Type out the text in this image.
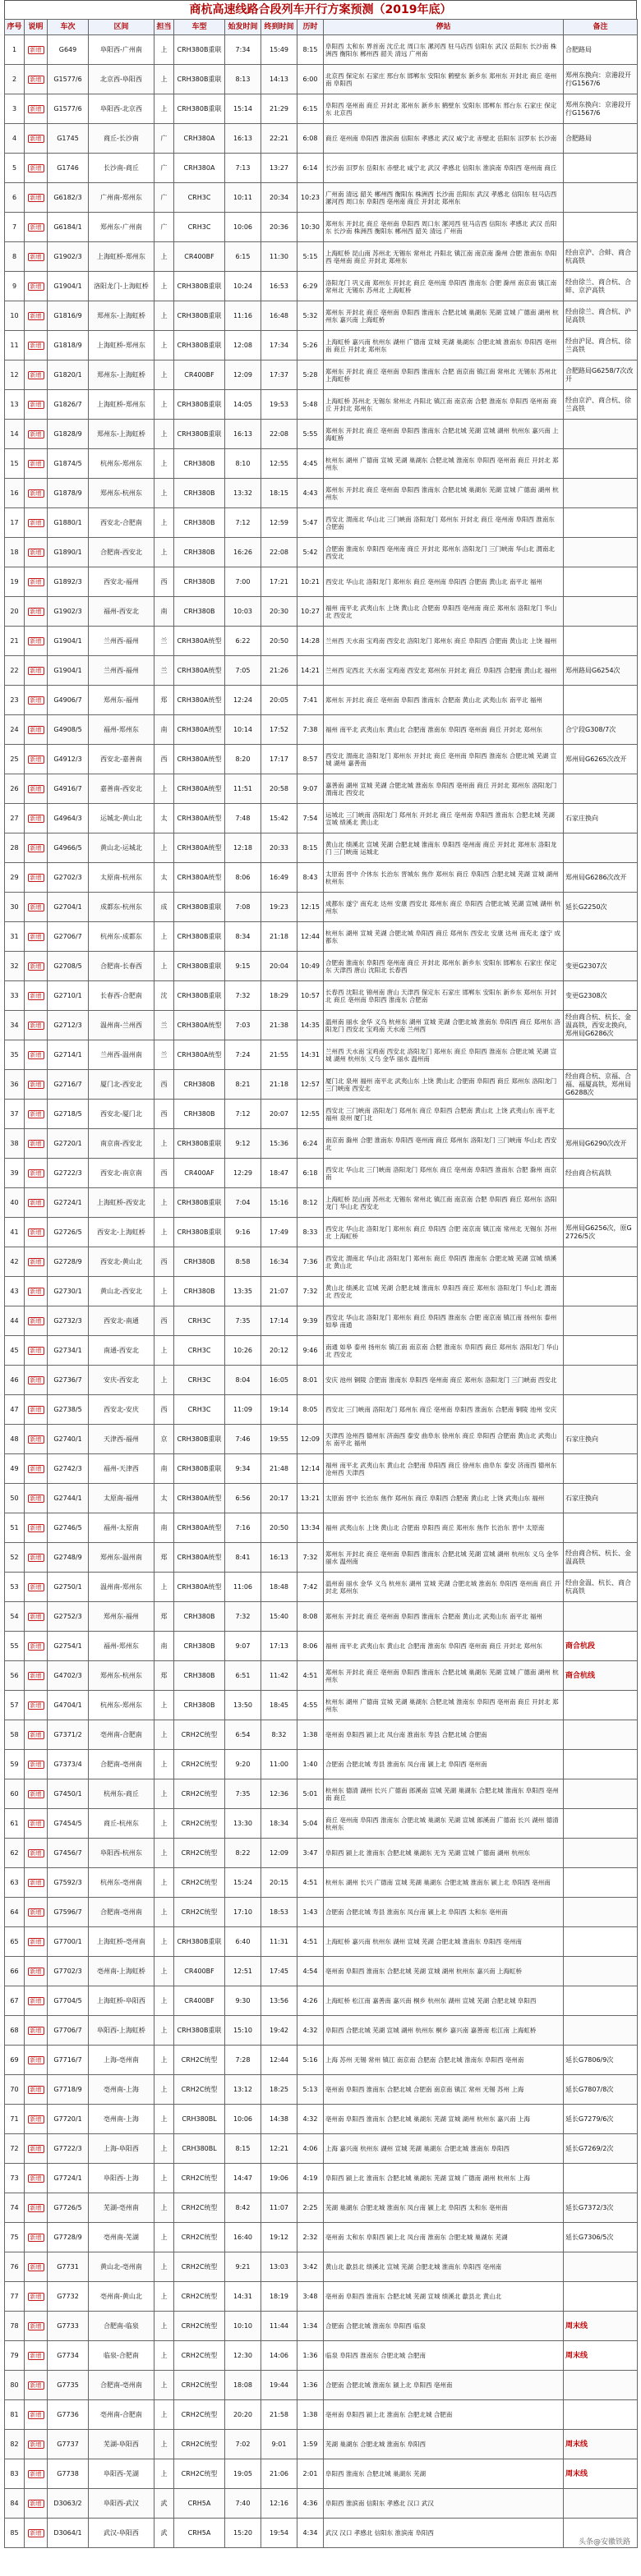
商杭高速线路合段列车开行方案预测（2019年底）
序号	说明	车次	区间	担当	车型	始发时间	终到时间	历时	停站	备注
1	新增	G649	阜阳西-广州南	上	CRH380B重联	7:34	15:49	8:15	阜阳西 太和东 界首南 沈丘北 周口东 漯河西 驻马店西 信阳东 武汉 岳阳东 长沙南 株洲西 衡阳东 郴州西 韶关 清远 广州南	合肥路局
2	新增	G1577/6	北京西-阜阳西	上	CRH380B重联	8:13	14:13	6:00	北京西 保定东 石家庄 邢台东 邯郸东 安阳东 鹤壁东 新乡东 郑州东 开封北 商丘 亳州南 阜阳西	郑州东换向：京港段开行G1567/6
3	新增	G1577/6	阜阳西-北京西	上	CRH380B重联	15:14	21:29	6:15	阜阳西 亳州南 商丘 开封北 郑州东 新乡东 鹤壁东 安阳东 邯郸东 邢台东 石家庄 保定东 北京西	郑州东换向：京港段开行G1567/6
4	新增	G1745	商丘-长沙南	广	CRH380A	16:13	22:21	6:08	商丘 亳州南 阜阳西 淮滨南 信阳东 孝感北 武汉 咸宁北 赤壁北 岳阳东 汨罗东 长沙南	合肥路局
5	新增	G1746	长沙南-商丘	广	CRH380A	7:13	13:27	6:14	长沙南 汨罗东 岳阳东 赤壁北 咸宁北 武汉 孝感北 信阳东 淮滨南 阜阳西 亳州南 商丘	
6	新增	G6182/3	广州南-郑州东	广	CRH3C	10:11	20:34	10:23	广州南 清远 韶关 郴州西 衡阳东 株洲西 长沙南 岳阳东 武汉 孝感北 信阳东 驻马店西 漯河西 周口东 阜阳西 亳州南 商丘 开封北 郑州东	
7	新增	G6184/1	郑州东-广州南	广	CRH3C	10:06	20:36	10:30	郑州东 开封北 商丘 亳州南 阜阳西 周口东 漯河西 驻马店西 信阳东 孝感北 武汉 岳阳东 长沙南 株洲西 衡阳东 郴州西 韶关 清远 广州南	
8	新增	G1902/3	上海虹桥-郑州东	上	CR400BF	6:15	11:30	5:15	上海虹桥 昆山南 苏州北 无锡东 常州北 丹阳北 镇江南 南京南 滁州 合肥 淮南东 阜阳西 亳州南 商丘 开封北 郑州东	经由京沪、合蚌、商合杭高铁
9	新增	G1904/1	洛阳龙门-上海虹桥	上	CRH380B重联	10:24	16:53	6:29	洛阳龙门 巩义南 郑州东 开封北 商丘 亳州南 阜阳西 淮南东 合肥 滁州 南京南 镇江南 常州北 无锡东 苏州北 上海虹桥	经由徐兰、商合杭、合蚌、京沪高铁
10	新增	G1816/9	郑州东-上海虹桥	上	CRH380B重联	11:16	16:48	5:32	郑州东 开封北 商丘 亳州南 阜阳西 淮南东 合肥北城 巢湖东 芜湖 宣城 广德南 湖州 杭州东 嘉兴南 上海虹桥	经由徐兰、商合杭、沪昆高铁
11	新增	G1818/9	上海虹桥-郑州东	上	CRH380B重联	12:08	17:34	5:26	上海虹桥 嘉兴南 杭州东 湖州 广德南 宣城 芜湖 巢湖东 合肥北城 淮南东 阜阳西 亳州南 商丘 开封北 郑州东	经由沪昆、商合杭、徐兰高铁
12	新增	G1820/1	郑州东-上海虹桥	上	CR400BF	12:09	17:37	5:28	郑州东 开封北 商丘 亳州南 阜阳西 淮南东 合肥 南京南 镇江南 常州北 无锡东 苏州北 上海虹桥	合肥路局G6258/7次改开
13	新增	G1826/7	上海虹桥-郑州东	上	CRH380B重联	14:05	19:53	5:48	上海虹桥 苏州北 无锡东 常州北 丹阳北 镇江南 南京南 合肥 淮南东 阜阳西 亳州南 商丘 开封北 郑州东	经由京沪、商合杭、徐兰高铁
14	新增	G1828/9	郑州东-上海虹桥	上	CRH380B重联	16:13	22:08	5:55	郑州东 开封北 商丘 亳州南 阜阳西 淮南东 合肥北城 芜湖 宣城 湖州 杭州东 嘉兴南 上海虹桥	
15	新增	G1874/5	杭州东-郑州东	上	CRH380B	8:10	12:55	4:45	杭州东 湖州 广德南 宣城 芜湖 巢湖东 合肥北城 淮南东 阜阳西 亳州南 商丘 开封北 郑州东	
16	新增	G1878/9	郑州东-杭州东	上	CRH380B	13:32	18:15	4:43	郑州东 开封北 商丘 亳州南 阜阳西 淮南东 合肥北城 巢湖东 芜湖 宣城 广德南 湖州 杭州东	
17	新增	G1880/1	西安北-合肥南	上	CRH380B	7:12	12:59	5:47	西安北 渭南北 华山北 三门峡南 洛阳龙门 郑州东 开封北 商丘 亳州南 阜阳西 淮南东 合肥南	
18	新增	G1890/1	合肥南-西安北	上	CRH380B	16:26	22:08	5:42	合肥南 淮南东 阜阳西 亳州南 商丘 开封北 郑州东 洛阳龙门 三门峡南 华山北 渭南北 西安北	
19	新增	G1892/3	西安北-福州	西	CRH380B	7:00	17:21	10:21	西安北 华山北 洛阳龙门 郑州东 商丘 亳州南 阜阳西 合肥南 黄山北 南平北 福州	
20	新增	G1902/3	福州-西安北	南	CRH380B	10:03	20:30	10:27	福州 南平北 武夷山东 上饶 黄山北 合肥南 阜阳西 亳州南 商丘 郑州东 洛阳龙门 华山北 西安北	
21	新增	G1904/1	兰州西-福州	兰	CRH380A统型	6:22	20:50	14:28	兰州西 天水南 宝鸡南 西安北 洛阳龙门 郑州东 商丘 阜阳西 合肥南 黄山北 上饶 福州	
22	新增	G1904/1	兰州西-福州	兰	CRH380A统型	7:05	21:26	14:21	兰州西 定西北 天水南 宝鸡南 西安北 郑州东 开封北 商丘 阜阳西 合肥南 黄山北 福州	郑州路局G6254次
23	新增	G4906/7	郑州东-福州	郑	CRH380A统型	12:24	20:05	7:41	郑州东 开封北 商丘 亳州南 阜阳西 淮南东 合肥南 黄山北 武夷山东 南平北 福州	
24	新增	G4908/5	福州-郑州东	南	CRH380A统型	10:14	17:52	7:38	福州 南平北 武夷山东 黄山北 合肥南 淮南东 阜阳西 亳州南 商丘 开封北 郑州东	合宁段G308/7次
25	新增	G4912/3	西安北-嘉善南	西	CRH380A统型	8:20	17:17	8:57	西安北 渭南北 洛阳龙门 郑州东 开封北 商丘 亳州南 阜阳西 淮南东 合肥北城 芜湖 宣城 湖州 嘉善南	郑州局G6265次改开
26	新增	G4916/7	嘉善南-西安北	上	CRH380A统型	11:51	20:58	9:07	嘉善南 湖州 宣城 芜湖 合肥北城 淮南东 阜阳西 亳州南 商丘 开封北 郑州东 洛阳龙门 渭南北 西安北	
27	新增	G4964/3	运城北-黄山北	太	CRH380A统型	7:48	15:42	7:54	运城北 三门峡南 洛阳龙门 郑州东 开封北 商丘 亳州南 阜阳西 淮南东 合肥北城 芜湖 宣城 绩溪北 黄山北	石家庄换向
28	新增	G4966/5	黄山北-运城北	上	CRH380A统型	12:18	20:33	8:15	黄山北 绩溪北 宣城 芜湖 合肥北城 淮南东 阜阳西 亳州南 商丘 开封北 郑州东 洛阳龙门 三门峡南 运城北	
29	新增	G2702/3	太原南-杭州东	太	CRH380A统型	8:06	16:49	8:43	太原南 晋中 介休东 长治东 晋城东 焦作 郑州东 商丘 阜阳西 合肥北城 芜湖 宣城 湖州 杭州东	郑州局G6286次改开
30	新增	G2704/1	成都东-杭州东	成	CRH380B重联	7:08	19:23	12:15	成都东 遂宁 南充北 达州 安康 西安北 郑州东 商丘 阜阳西 合肥北城 芜湖 宣城 湖州 杭州东	延长G2250次
31	新增	G2706/7	杭州东-成都东	上	CRH380B重联	8:34	21:18	12:44	杭州东 湖州 宣城 芜湖 合肥北城 阜阳西 商丘 郑州东 西安北 安康 达州 南充北 遂宁 成都东	
32	新增	G2708/5	合肥南-长春西	上	CRH380B重联	9:15	20:04	10:49	合肥南 淮南东 阜阳西 亳州南 商丘 开封北 郑州东 新乡东 安阳东 邯郸东 石家庄 保定东 天津西 唐山 沈阳北 长春西	变更G2307次
33	新增	G2710/1	长春西-合肥南	沈	CRH380B重联	7:32	18:29	10:57	长春西 沈阳北 锦州南 唐山 天津西 保定东 石家庄 邯郸东 安阳东 新乡东 郑州东 开封北 商丘 亳州南 阜阳西 淮南东 合肥南	变更G2308次
34	新增	G2712/3	温州南-兰州西	兰	CRH380A统型	7:03	21:38	14:35	温州南 丽水 金华 义乌 杭州东 湖州 宣城 芜湖 合肥北城 淮南东 阜阳西 商丘 郑州东 洛阳龙门 西安北 宝鸡南 天水南 兰州西	经由商合杭、杭长、金温高铁，西安北换向，郑州局G6286次
35	新增	G2714/1	兰州西-温州南	兰	CRH380A统型	7:24	21:55	14:31	兰州西 天水南 宝鸡南 西安北 洛阳龙门 郑州东 商丘 阜阳西 淮南东 合肥北城 芜湖 宣城 湖州 杭州东 义乌 金华 丽水 温州南	
36	新增	G2716/7	厦门北-西安北	西	CRH380B	8:21	21:18	12:57	厦门北 泉州 福州 南平北 武夷山东 上饶 黄山北 合肥南 阜阳西 商丘 郑州东 洛阳龙门 三门峡南 西安北	经由商合杭、京福、合福、福厦高铁，郑州局G6288次
37	新增	G2718/5	西安北-厦门北	西	CRH380B	7:12	20:07	12:55	西安北 三门峡南 洛阳龙门 郑州东 商丘 阜阳西 合肥南 黄山北 上饶 武夷山东 南平北 福州 泉州 厦门北	
38	新增	G2720/1	南京南-西安北	上	CRH380B重联	9:12	15:36	6:24	南京南 滁州 合肥 淮南东 阜阳西 亳州南 商丘 郑州东 洛阳龙门 三门峡南 华山北 西安北	郑州局G6290次改开
39	新增	G2722/3	西安北-南京南	西	CR400AF	12:29	18:47	6:18	西安北 华山北 三门峡南 洛阳龙门 郑州东 商丘 亳州南 阜阳西 淮南东 合肥 滁州 南京南	经由商合杭高铁
40	新增	G2724/1	上海虹桥-西安北	上	CRH380B重联	7:04	15:16	8:12	上海虹桥 昆山南 苏州北 无锡东 常州北 镇江南 南京南 合肥 阜阳西 商丘 郑州东 洛阳龙门 华山北 西安北	
41	新增	G2726/5	西安北-上海虹桥	上	CRH380B重联	9:16	17:49	8:33	西安北 华山北 洛阳龙门 郑州东 商丘 阜阳西 合肥 南京南 镇江南 常州北 无锡东 苏州北 上海虹桥	郑州局G6256次，原G2726/5次
42	新增	G2728/9	西安北-黄山北	西	CRH380B	8:58	16:34	7:36	西安北 渭南北 华山北 洛阳龙门 郑州东 商丘 阜阳西 淮南东 合肥北城 芜湖 宣城 绩溪北 黄山北	
43	新增	G2730/1	黄山北-西安北	上	CRH380B	13:35	21:07	7:32	黄山北 绩溪北 宣城 芜湖 合肥北城 淮南东 阜阳西 商丘 郑州东 洛阳龙门 华山北 渭南北 西安北	
44	新增	G2732/3	西安北-南通	西	CRH3C	7:35	17:14	9:39	西安北 华山北 洛阳龙门 郑州东 商丘 阜阳西 淮南东 合肥 南京南 镇江南 扬州东 泰州 如皋 南通	
45	新增	G2734/1	南通-西安北	上	CRH3C	10:26	20:12	9:46	南通 如皋 泰州 扬州东 镇江南 南京南 合肥 淮南东 阜阳西 商丘 郑州东 洛阳龙门 华山北 西安北	
46	新增	G2736/7	安庆-西安北	上	CRH3C	8:04	16:05	8:01	安庆 池州 铜陵 合肥南 淮南东 阜阳西 亳州南 商丘 郑州东 洛阳龙门 三门峡南 西安北	
47	新增	G2738/5	西安北-安庆	西	CRH3C	11:09	19:14	8:05	西安北 三门峡南 洛阳龙门 郑州东 商丘 亳州南 阜阳西 淮南东 合肥南 铜陵 池州 安庆	
48	新增	G2740/1	天津西-福州	京	CRH380B重联	7:46	19:55	12:09	天津西 沧州西 德州东 济南西 泰安 曲阜东 徐州东 商丘 阜阳西 合肥南 黄山北 武夷山东 南平北 福州	石家庄换向
49	新增	G2742/3	福州-天津西	南	CRH380B重联	9:34	21:48	12:14	福州 南平北 武夷山东 黄山北 合肥南 阜阳西 商丘 徐州东 曲阜东 泰安 济南西 德州东 沧州西 天津西	
50	新增	G2744/1	太原南-福州	太	CRH380A统型	6:56	20:17	13:21	太原南 晋中 长治东 焦作 郑州东 商丘 阜阳西 合肥南 黄山北 上饶 武夷山东 福州	石家庄换向
51	新增	G2746/5	福州-太原南	南	CRH380A统型	7:16	20:50	13:34	福州 武夷山东 上饶 黄山北 合肥南 阜阳西 商丘 郑州东 焦作 长治东 晋中 太原南	
52	新增	G2748/9	郑州东-温州南	郑	CRH380A统型	8:41	16:13	7:32	郑州东 开封北 商丘 亳州南 阜阳西 淮南东 合肥北城 芜湖 宣城 湖州 杭州东 义乌 金华 丽水 温州南	经由商合杭、杭长、金温高铁
53	新增	G2750/1	温州南-郑州东	上	CRH380A统型	11:06	18:48	7:42	温州南 丽水 金华 义乌 杭州东 湖州 宣城 芜湖 合肥北城 淮南东 阜阳西 亳州南 商丘 开封北 郑州东	经由金温、杭长、商合杭高铁
54	新增	G2752/3	郑州东-福州	郑	CRH380B	7:32	15:40	8:08	郑州东 开封北 商丘 亳州南 阜阳西 淮南东 合肥南 黄山北 武夷山东 南平北 福州	
55	新增	G2754/1	福州-郑州东	南	CRH380B	9:07	17:13	8:06	福州 南平北 武夷山东 黄山北 合肥南 淮南东 阜阳西 亳州南 商丘 开封北 郑州东	商合杭段
56	新增	G4702/3	郑州东-杭州东	郑	CRH380B	6:51	11:42	4:51	郑州东 开封北 商丘 亳州南 阜阳西 淮南东 合肥北城 巢湖东 芜湖 宣城 广德南 湖州 杭州东	商合杭线
57	新增	G4704/1	杭州东-郑州东	上	CRH380B	13:50	18:45	4:55	杭州东 湖州 广德南 宣城 芜湖 巢湖东 合肥北城 淮南东 阜阳西 亳州南 商丘 开封北 郑州东	
58	新增	G7371/2	亳州南-合肥南	上	CRH2C统型	6:54	8:32	1:38	亳州南 阜阳西 颍上北 凤台南 淮南东 寿县 合肥北城 合肥南	
59	新增	G7373/4	合肥南-亳州南	上	CRH2C统型	9:20	11:00	1:40	合肥南 合肥北城 寿县 淮南东 凤台南 颍上北 阜阳西 亳州南	
60	新增	G7450/1	杭州东-商丘	上	CRH2C统型	7:35	12:36	5:01	杭州东 德清 湖州 长兴 广德南 郎溪南 宣城 芜湖 巢湖东 合肥北城 淮南东 阜阳西 亳州南 商丘	
61	新增	G7454/5	商丘-杭州东	上	CRH2C统型	13:30	18:34	5:04	商丘 亳州南 阜阳西 淮南东 合肥北城 巢湖东 芜湖 宣城 郎溪南 广德南 长兴 湖州 德清 杭州东	
62	新增	G7456/7	阜阳西-杭州东	上	CRH2C统型	8:22	12:09	3:47	阜阳西 颍上北 淮南东 合肥北城 巢湖东 无为 芜湖 宣城 广德南 湖州 杭州东	
63	新增	G7592/3	杭州东-亳州南	上	CRH2C统型	15:24	20:15	4:51	杭州东 湖州 长兴 广德南 宣城 芜湖 巢湖东 合肥北城 淮南东 颍上北 阜阳西 亳州南	
64	新增	G7596/7	合肥南-亳州南	上	CRH2C统型	17:10	18:53	1:43	合肥南 合肥北城 寿县 淮南东 凤台南 颍上北 阜阳西 太和东 亳州南	
65	新增	G7700/1	上海虹桥-亳州南	上	CRH380B重联	6:40	11:31	4:51	上海虹桥 嘉兴南 杭州东 湖州 宣城 芜湖 合肥北城 淮南东 阜阳西 亳州南	
66	新增	G7702/3	亳州南-上海虹桥	上	CR400BF	12:51	17:45	4:54	亳州南 阜阳西 淮南东 合肥北城 芜湖 宣城 湖州 杭州东 嘉兴南 上海虹桥	
67	新增	G7704/5	上海虹桥-阜阳西	上	CR400BF	9:30	13:56	4:26	上海虹桥 松江南 嘉善南 嘉兴南 桐乡 杭州东 湖州 宣城 芜湖 合肥北城 阜阳西	
68	新增	G7706/7	阜阳西-上海虹桥	上	CRH380B重联	15:10	19:42	4:32	阜阳西 合肥北城 芜湖 宣城 湖州 杭州东 桐乡 嘉兴南 嘉善南 松江南 上海虹桥	
69	新增	G7716/7	上海-亳州南	上	CRH2C统型	7:28	12:44	5:16	上海 苏州 无锡 常州 镇江 南京南 合肥南 合肥北城 淮南东 阜阳西 亳州南	延长G7806/9次
70	新增	G7718/9	亳州南-上海	上	CRH2C统型	13:12	18:25	5:13	亳州南 阜阳西 淮南东 合肥北城 合肥南 南京南 镇江 常州 无锡 苏州 上海	延长G7807/8次
71	新增	G7720/1	亳州南-上海	上	CRH380BL	10:06	14:38	4:32	亳州南 阜阳西 淮南东 合肥北城 巢湖东 芜湖 宣城 湖州 杭州东 嘉兴南 上海	延长G7279/6次
72	新增	G7722/3	上海-阜阳西	上	CRH380BL	8:15	12:21	4:06	上海 嘉兴南 杭州东 湖州 宣城 芜湖 巢湖东 合肥北城 淮南东 阜阳西	延长G7269/2次
73	新增	G7724/1	阜阳西-上海	上	CRH2C统型	14:47	19:06	4:19	阜阳西 颍上北 淮南东 合肥北城 巢湖东 芜湖 宣城 广德南 湖州 杭州东 上海	
74	新增	G7726/5	芜湖-亳州南	上	CRH2C统型	8:42	11:07	2:25	芜湖 巢湖东 合肥北城 淮南东 凤台南 颍上北 阜阳西 太和东 亳州南	延长G7372/3次
75	新增	G7728/9	亳州南-芜湖	上	CRH2C统型	16:40	19:12	2:32	亳州南 太和东 阜阳西 颍上北 凤台南 淮南东 合肥北城 巢湖东 芜湖	延长G7306/5次
76	新增	G7731	黄山北-亳州南	上	CRH2C统型	9:21	13:03	3:42	黄山北 歙县北 绩溪北 宣城 芜湖 合肥北城 淮南东 阜阳西 亳州南	
77	新增	G7732	亳州南-黄山北	上	CRH2C统型	14:31	18:19	3:48	亳州南 阜阳西 淮南东 合肥北城 芜湖 宣城 绩溪北 歙县北 黄山北	
78	新增	G7733	合肥南-临泉	上	CRH2C统型	10:10	11:44	1:34	合肥南 合肥北城 淮南东 阜阳西 临泉	周末线
79	新增	G7734	临泉-合肥南	上	CRH2C统型	12:30	14:06	1:36	临泉 阜阳西 淮南东 合肥北城 合肥南	周末线
80	新增	G7735	合肥南-亳州南	上	CRH2C统型	18:08	19:44	1:36	合肥南 合肥北城 淮南东 颍上北 阜阳西 亳州南	
81	新增	G7736	亳州南-合肥南	上	CRH2C统型	20:20	21:58	1:38	亳州南 阜阳西 颍上北 淮南东 合肥北城 合肥南	
82	新增	G7737	芜湖-阜阳西	上	CRH2C统型	7:02	9:01	1:59	芜湖 巢湖东 合肥北城 淮南东 阜阳西	周末线
83	新增	G7738	阜阳西-芜湖	上	CRH2C统型	19:05	21:06	2:01	阜阳西 淮南东 合肥北城 巢湖东 芜湖	周末线
84	新增	D3063/2	阜阳西-武汉	武	CRH5A	7:40	12:16	4:36	阜阳西 淮滨南 信阳东 孝感北 汉口 武汉	
85	新增	D3064/1	武汉-阜阳西	武	CRH5A	15:20	19:54	4:34	武汉 汉口 孝感北 信阳东 淮滨南 阜阳西	
头条@安徽铁路
